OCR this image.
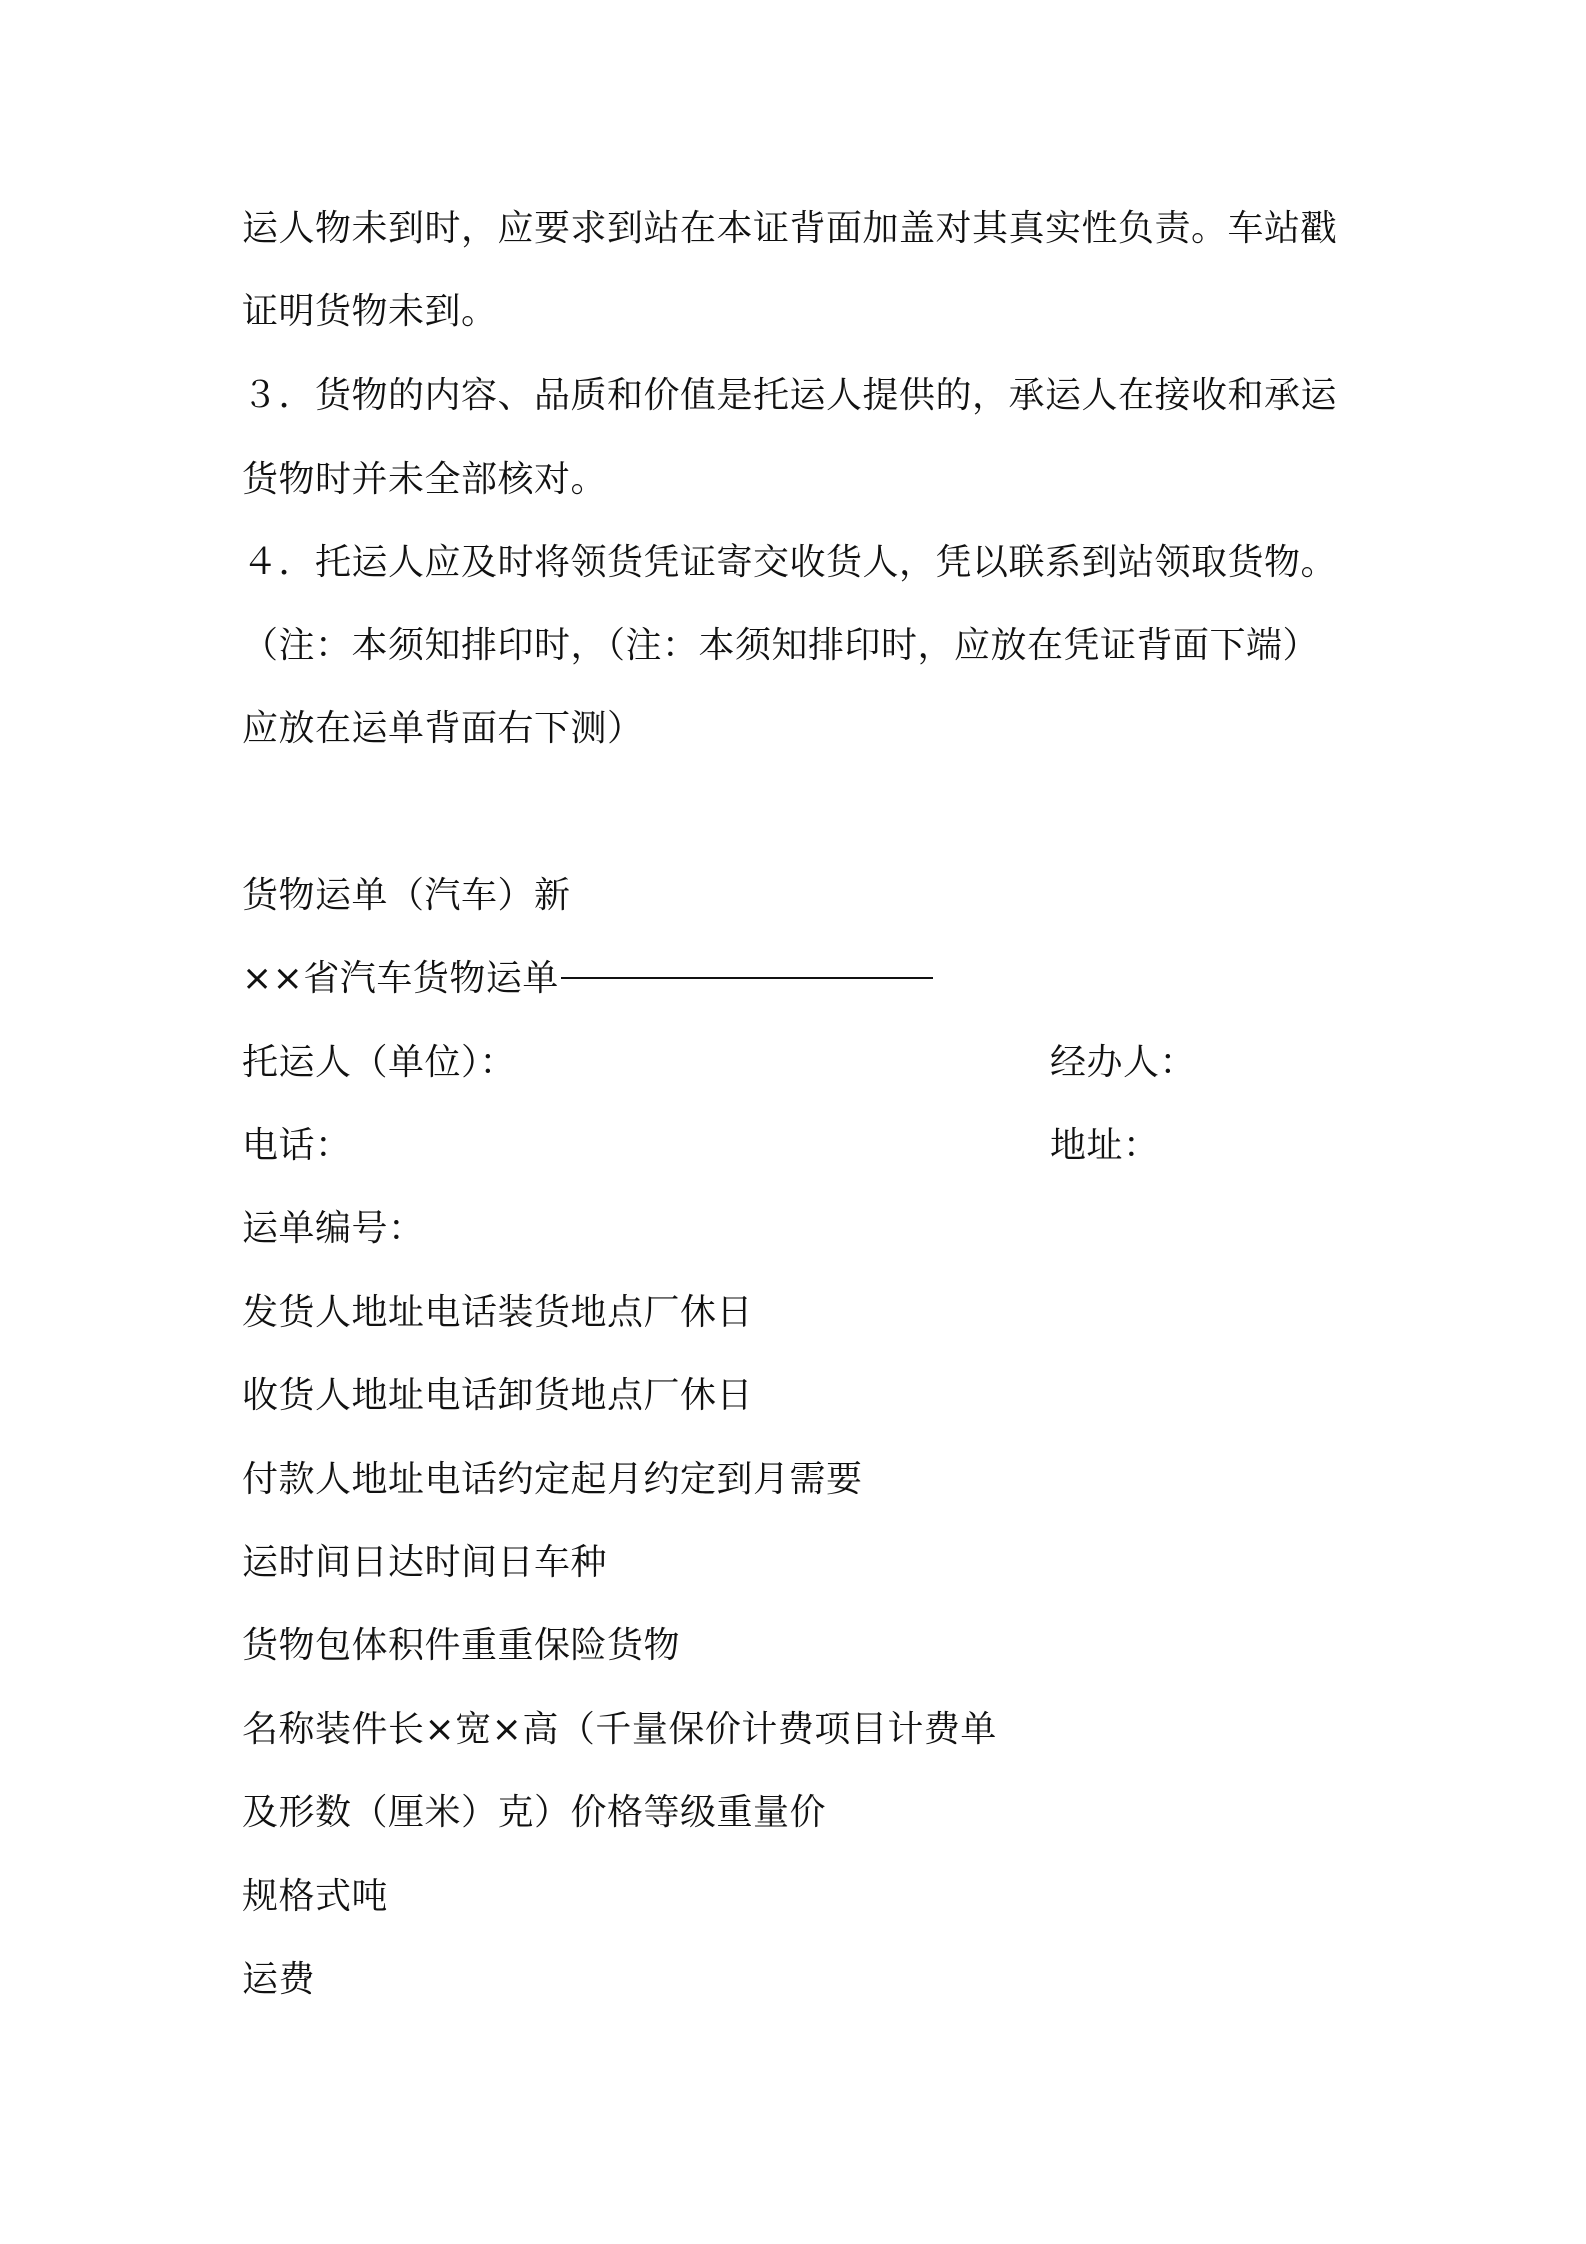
运人物未到时，应要求到站在本证背面加盖对其真实性负责。车站戳
证明货物未到。
３．货物的内容、品质和价值是托运人提供的，承运人在接收和承运
货物时并未全部核对。
４．托运人应及时将领货凭证寄交收货人，凭以联系到站领取货物。
（注：本须知排印时，（注：本须知排印时，应放在凭证背面下端）
应放在运单背面右下测）
货物运单（汽车）新
××省汽车货物运单
托运人（单位）：	经办人：
电话：	地址：
运单编号：
发货人地址电话装货地点厂休日
收货人地址电话卸货地点厂休日
付款人地址电话约定起月约定到月需要
运时间日达时间日车种
货物包体积件重重保险货物
名称装件长×宽×高（千量保价计费项目计费单
及形数（厘米）克）价格等级重量价
规格式吨
运费
